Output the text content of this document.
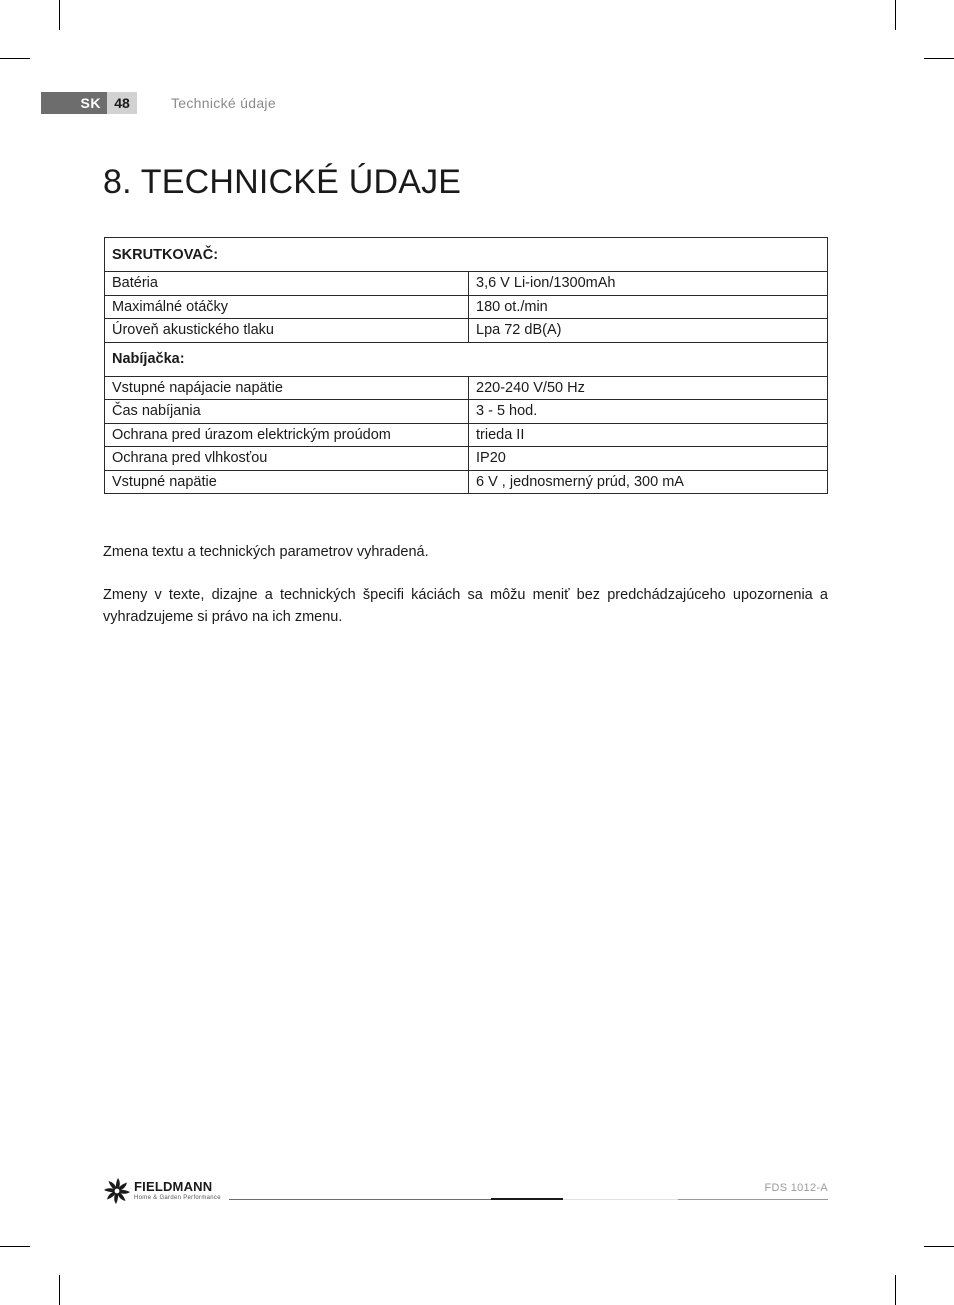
SK 48	Technické údaje
8. TECHNICKÉ ÚDAJE
SKRUTKOVAČ:	
Batéria	3,6 V Li-ion/1300mAh
Maximálné otáčky	180 ot./min
Úroveň akustického tlaku	Lpa 72 dB(A)
Nabíjačka:	
Vstupné napájacie napätie	220-240 V/50 Hz
Čas nabíjania	3 - 5 hod.
Ochrana pred úrazom elektrickým proúdom	trieda II
Ochrana pred vlhkosťou	IP20
Vstupné napätie	6 V , jednosmerný prúd, 300 mA

Zmena textu a technických parametrov vyhradená.

Zmeny v texte, dizajne a technických špecifi káciách sa môžu meniť bez predchádzajúceho upozornenia a vyhradzujeme si právo na ich zmenu.

FIELDMANN
Home & Garden Performance
FDS 1012-A
